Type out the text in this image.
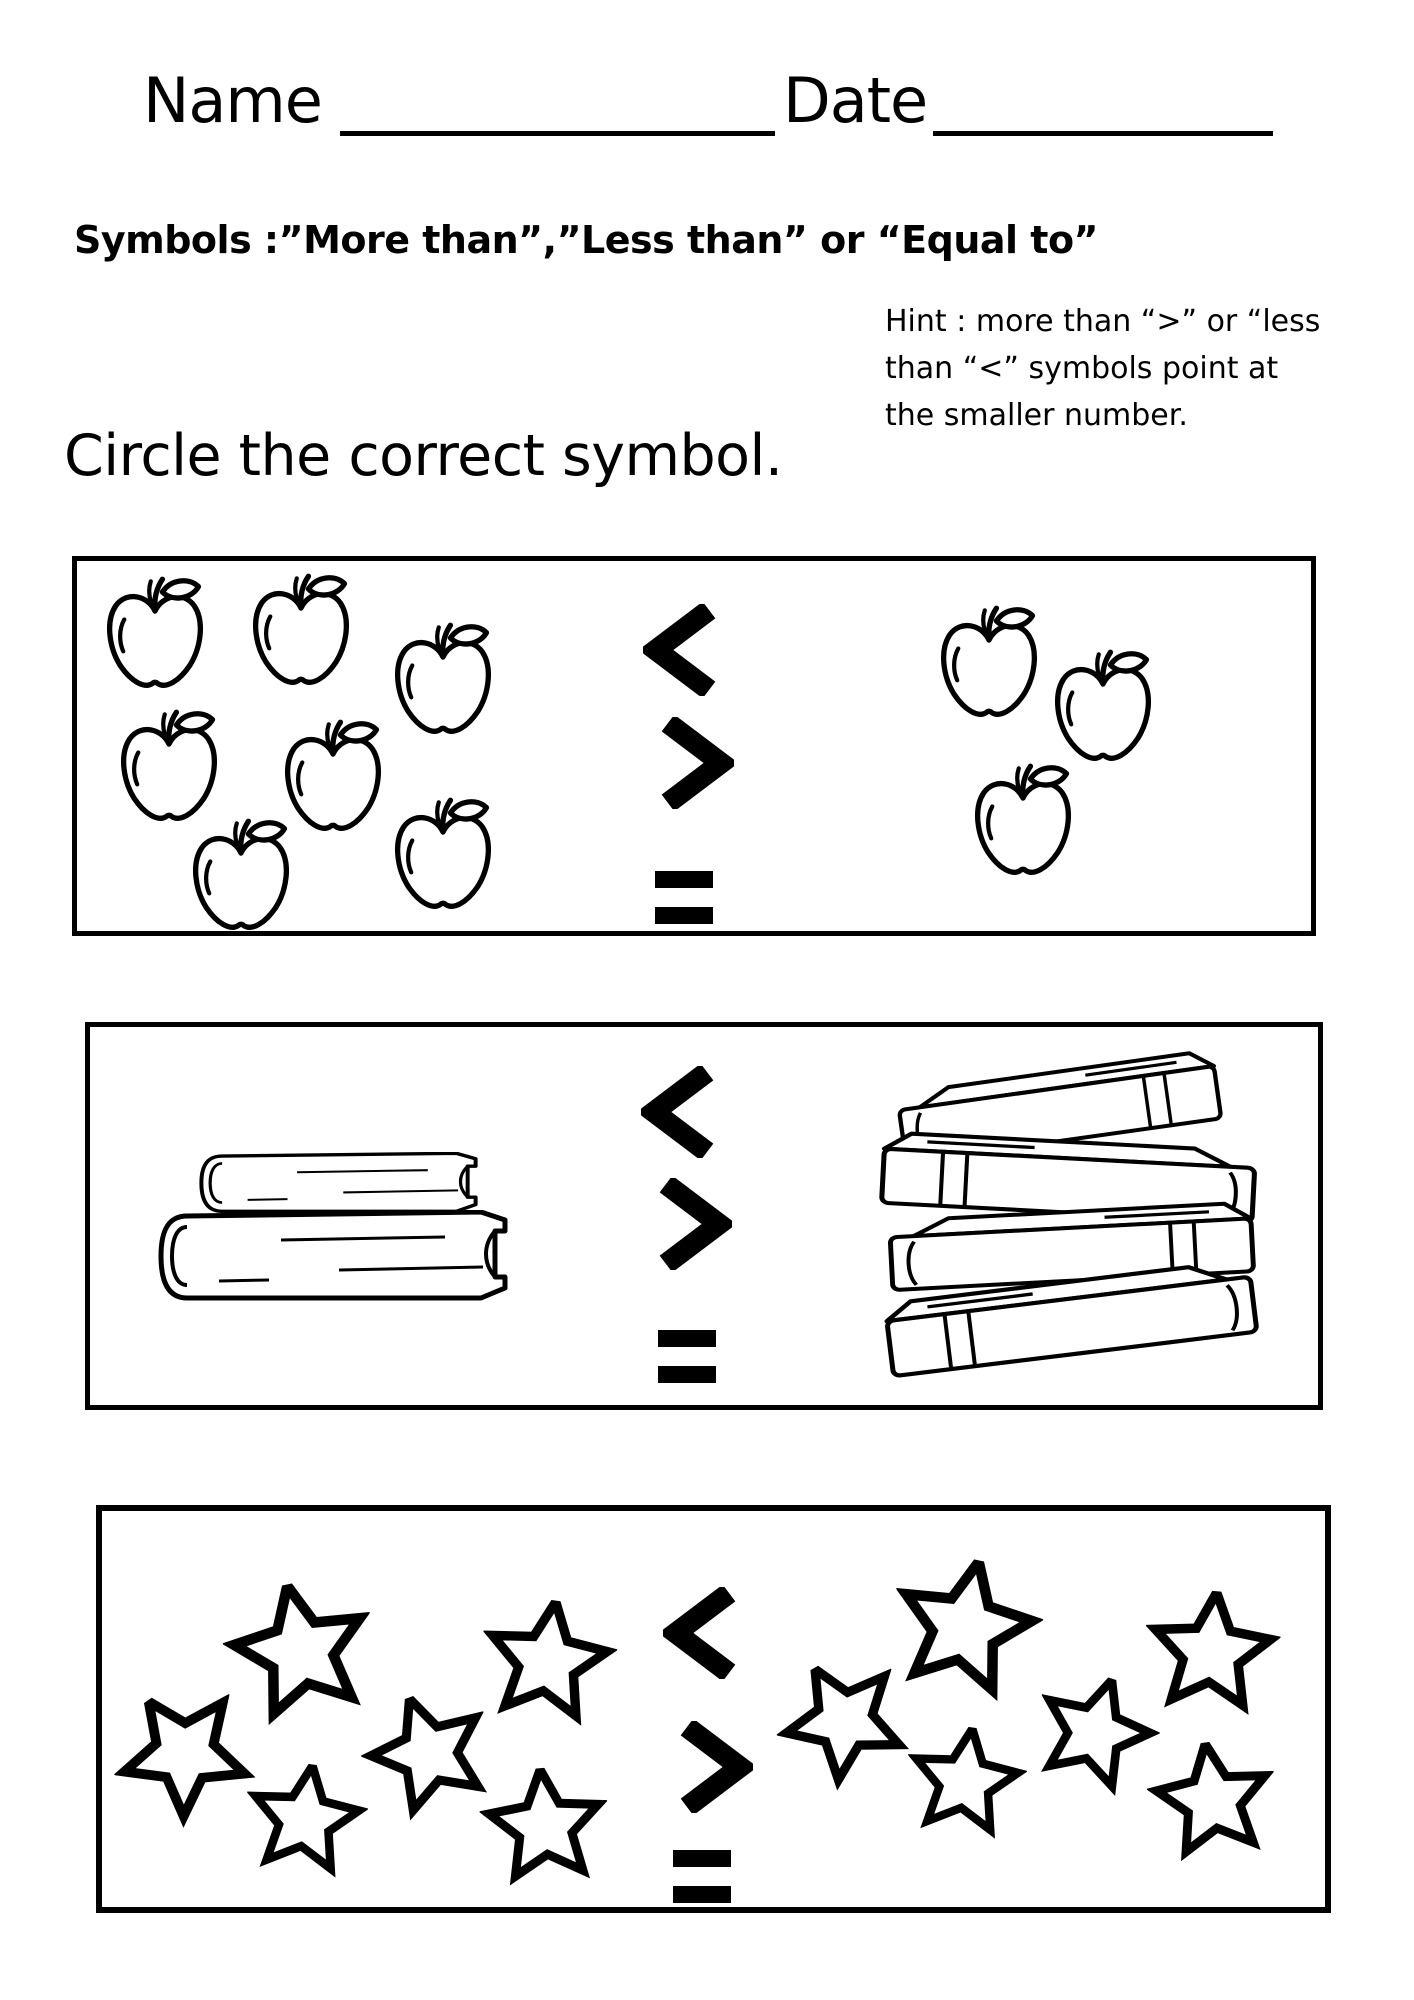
Name	Date
Symbols :”More than”,”Less than” or “Equal to”
Hint : more than “>” or “less
than “<” symbols point at
the smaller number.
Circle the correct symbol.
